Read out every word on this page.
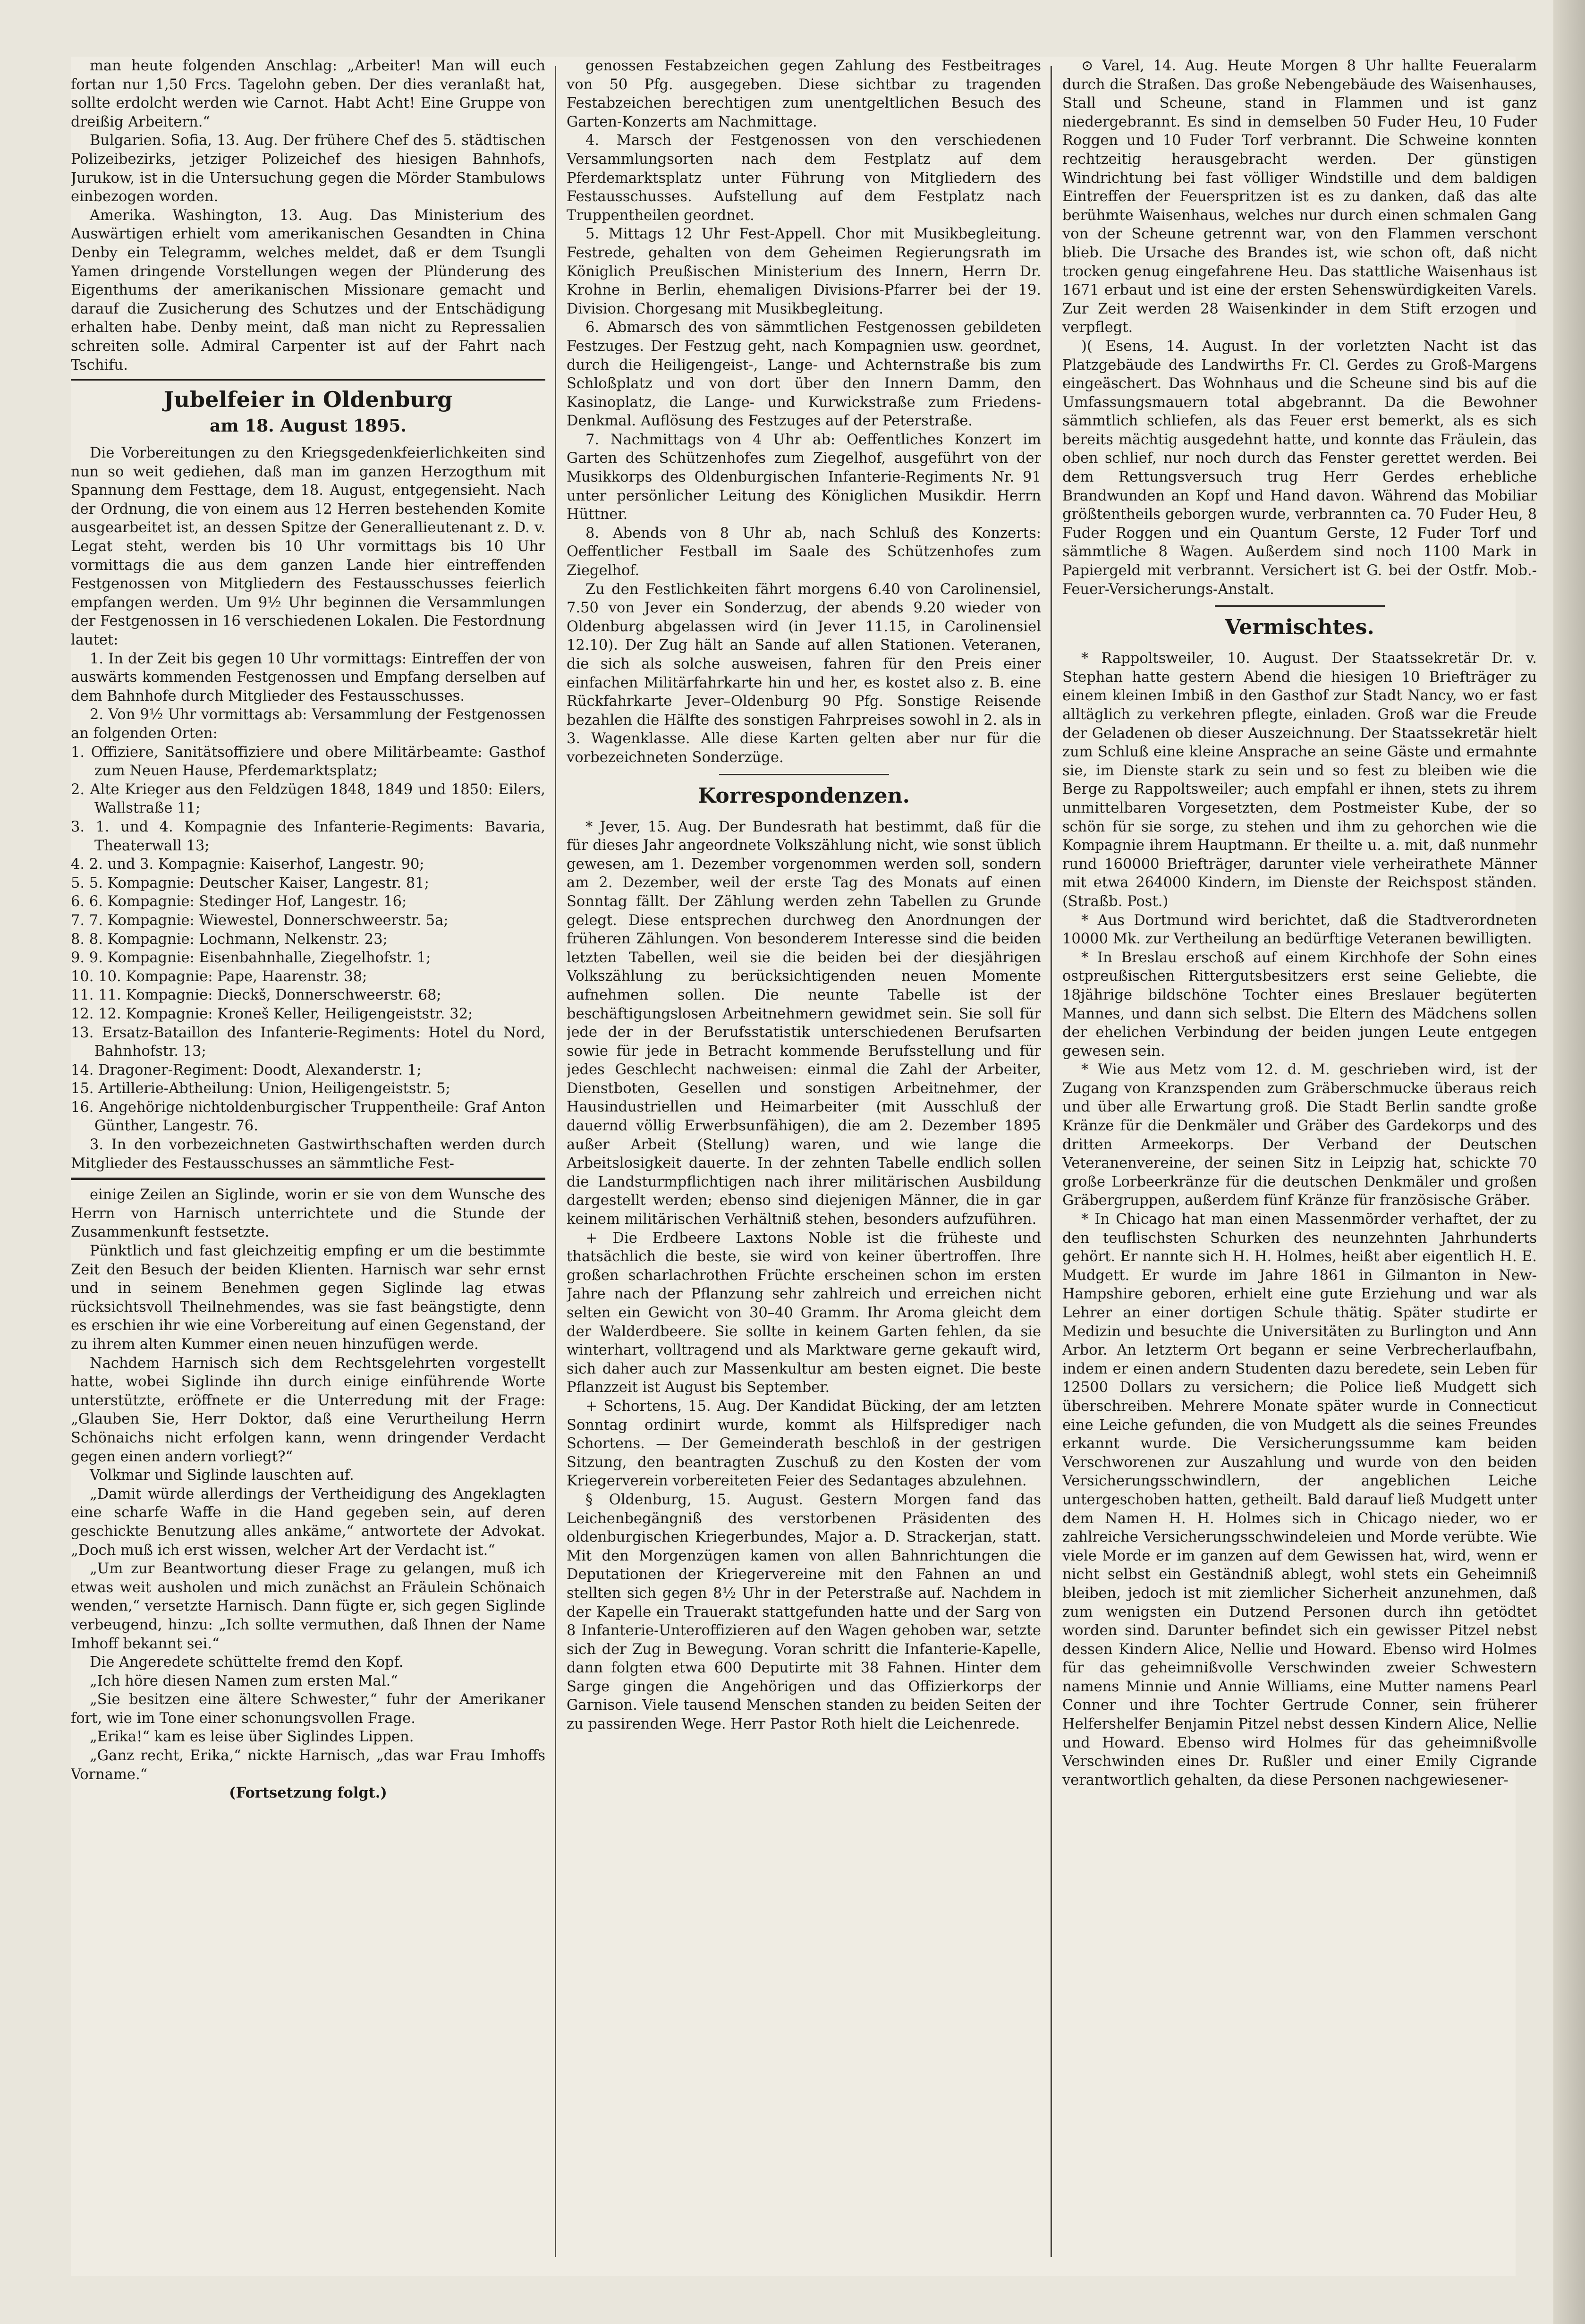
man heute folgenden Anschlag: „Arbeiter! Man will euch fortan nur 1,50 Frcs. Tagelohn geben. Der dies veranlaßt hat, sollte erdolcht werden wie Carnot. Habt Acht! Eine Gruppe von dreißig Arbeitern.“

Bulgarien. Sofia, 13. Aug. Der frühere Chef des 5. städtischen Polizeibezirks, jetziger Polizeichef des hiesigen Bahnhofs, Jurukow, ist in die Untersuchung gegen die Mörder Stambulows einbezogen worden.

Amerika. Washington, 13. Aug. Das Ministerium des Auswärtigen erhielt vom amerikanischen Gesandten in China Denby ein Telegramm, welches meldet, daß er dem Tsungli Yamen dringende Vorstellungen wegen der Plünderung des Eigenthums der amerikanischen Missionare gemacht und darauf die Zusicherung des Schutzes und der Entschädigung erhalten habe. Denby meint, daß man nicht zu Repressalien schreiten solle. Admiral Carpenter ist auf der Fahrt nach Tschifu.

Jubelfeier in Oldenburg
am 18. August 1895.

Die Vorbereitungen zu den Kriegsgedenkfeierlichkeiten sind nun so weit gediehen, daß man im ganzen Herzogthum mit Spannung dem Festtage, dem 18. August, entgegensieht. Nach der Ordnung, die von einem aus 12 Herren bestehenden Komite ausgearbeitet ist, an dessen Spitze der Generallieutenant z. D. v. Legat steht, werden bis 10 Uhr vormittags bis 10 Uhr vormittags die aus dem ganzen Lande hier eintreffenden Festgenossen von Mitgliedern des Festausschusses feierlich empfangen werden. Um 9½ Uhr beginnen die Versammlungen der Festgenossen in 16 verschiedenen Lokalen. Die Festordnung lautet:

1. In der Zeit bis gegen 10 Uhr vormittags: Eintreffen der von auswärts kommenden Festgenossen und Empfang derselben auf dem Bahnhofe durch Mitglieder des Festausschusses.

2. Von 9½ Uhr vormittags ab: Versammlung der Festgenossen an folgenden Orten:

1. Offiziere, Sanitätsoffiziere und obere Militärbeamte: Gasthof zum Neuen Hause, Pferdemarktsplatz;
2. Alte Krieger aus den Feldzügen 1848, 1849 und 1850: Eilers, Wallstraße 11;
3. 1. und 4. Kompagnie des Infanterie-Regiments: Bavaria, Theaterwall 13;
4. 2. und 3. Kompagnie: Kaiserhof, Langestr. 90;
5. 5. Kompagnie: Deutscher Kaiser, Langestr. 81;
6. 6. Kompagnie: Stedinger Hof, Langestr. 16;
7. 7. Kompagnie: Wiewestel, Donnerschweerstr. 5a;
8. 8. Kompagnie: Lochmann, Nelkenstr. 23;
9. 9. Kompagnie: Eisenbahnhalle, Ziegelhofstr. 1;
10. 10. Kompagnie: Pape, Haarenstr. 38;
11. 11. Kompagnie: Dieckš, Donnerschweerstr. 68;
12. 12. Kompagnie: Kroneš Keller, Heiligengeiststr. 32;
13. Ersatz-Bataillon des Infanterie-Regiments: Hotel du Nord, Bahnhofstr. 13;
14. Dragoner-Regiment: Doodt, Alexanderstr. 1;
15. Artillerie-Abtheilung: Union, Heiligengeiststr. 5;
16. Angehörige nichtoldenburgischer Truppentheile: Graf Anton Günther, Langestr. 76.

3. In den vorbezeichneten Gastwirthschaften werden durch Mitglieder des Festausschusses an sämmtliche Fest-

einige Zeilen an Siglinde, worin er sie von dem Wunsche des Herrn von Harnisch unterrichtete und die Stunde der Zusammenkunft festsetzte.

Pünktlich und fast gleichzeitig empfing er um die bestimmte Zeit den Besuch der beiden Klienten. Harnisch war sehr ernst und in seinem Benehmen gegen Siglinde lag etwas rücksichtsvoll Theilnehmendes, was sie fast beängstigte, denn es erschien ihr wie eine Vorbereitung auf einen Gegenstand, der zu ihrem alten Kummer einen neuen hinzufügen werde.

Nachdem Harnisch sich dem Rechtsgelehrten vorgestellt hatte, wobei Siglinde ihn durch einige einführende Worte unterstützte, eröffnete er die Unterredung mit der Frage: „Glauben Sie, Herr Doktor, daß eine Verurtheilung Herrn Schönaichs nicht erfolgen kann, wenn dringender Verdacht gegen einen andern vorliegt?“

Volkmar und Siglinde lauschten auf.

„Damit würde allerdings der Vertheidigung des Angeklagten eine scharfe Waffe in die Hand gegeben sein, auf deren geschickte Benutzung alles ankäme,“ antwortete der Advokat. „Doch muß ich erst wissen, welcher Art der Verdacht ist.“

„Um zur Beantwortung dieser Frage zu gelangen, muß ich etwas weit ausholen und mich zunächst an Fräulein Schönaich wenden,“ versetzte Harnisch. Dann fügte er, sich gegen Siglinde verbeugend, hinzu: „Ich sollte vermuthen, daß Ihnen der Name Imhoff bekannt sei.“

Die Angeredete schüttelte fremd den Kopf.

„Ich höre diesen Namen zum ersten Mal.“

„Sie besitzen eine ältere Schwester,“ fuhr der Amerikaner fort, wie im Tone einer schonungsvollen Frage.

„Erika!“ kam es leise über Siglindes Lippen.

„Ganz recht, Erika,“ nickte Harnisch, „das war Frau Imhoffs Vorname.“

(Fortsetzung folgt.)

genossen Festabzeichen gegen Zahlung des Festbeitrages von 50 Pfg. ausgegeben. Diese sichtbar zu tragenden Festabzeichen berechtigen zum unentgeltlichen Besuch des Garten-Konzerts am Nachmittage.

4. Marsch der Festgenossen von den verschiedenen Versammlungsorten nach dem Festplatz auf dem Pferdemarktsplatz unter Führung von Mitgliedern des Festausschusses. Aufstellung auf dem Festplatz nach Truppentheilen geordnet.

5. Mittags 12 Uhr Fest-Appell. Chor mit Musikbegleitung. Festrede, gehalten von dem Geheimen Regierungsrath im Königlich Preußischen Ministerium des Innern, Herrn Dr. Krohne in Berlin, ehemaligen Divisions-Pfarrer bei der 19. Division. Chorgesang mit Musikbegleitung.

6. Abmarsch des von sämmtlichen Festgenossen gebildeten Festzuges. Der Festzug geht, nach Kompagnien usw. geordnet, durch die Heiligengeist-, Lange- und Achternstraße bis zum Schloßplatz und von dort über den Innern Damm, den Kasinoplatz, die Lange- und Kurwickstraße zum Friedens-Denkmal. Auflösung des Festzuges auf der Peterstraße.

7. Nachmittags von 4 Uhr ab: Oeffentliches Konzert im Garten des Schützenhofes zum Ziegelhof, ausgeführt von der Musikkorps des Oldenburgischen Infanterie-Regiments Nr. 91 unter persönlicher Leitung des Königlichen Musikdir. Herrn Hüttner.

8. Abends von 8 Uhr ab, nach Schluß des Konzerts: Oeffentlicher Festball im Saale des Schützenhofes zum Ziegelhof.

Zu den Festlichkeiten fährt morgens 6.40 von Carolinensiel, 7.50 von Jever ein Sonderzug, der abends 9.20 wieder von Oldenburg abgelassen wird (in Jever 11.15, in Carolinensiel 12.10). Der Zug hält an Sande auf allen Stationen. Veteranen, die sich als solche ausweisen, fahren für den Preis einer einfachen Militärfahrkarte hin und her, es kostet also z. B. eine Rückfahrkarte Jever–Oldenburg 90 Pfg. Sonstige Reisende bezahlen die Hälfte des sonstigen Fahrpreises sowohl in 2. als in 3. Wagenklasse. Alle diese Karten gelten aber nur für die vorbezeichneten Sonderzüge.

Korrespondenzen.

* Jever, 15. Aug. Der Bundesrath hat bestimmt, daß für die für dieses Jahr angeordnete Volkszählung nicht, wie sonst üblich gewesen, am 1. Dezember vorgenommen werden soll, sondern am 2. Dezember, weil der erste Tag des Monats auf einen Sonntag fällt. Der Zählung werden zehn Tabellen zu Grunde gelegt. Diese entsprechen durchweg den Anordnungen der früheren Zählungen. Von besonderem Interesse sind die beiden letzten Tabellen, weil sie die beiden bei der diesjährigen Volkszählung zu berücksichtigenden neuen Momente aufnehmen sollen. Die neunte Tabelle ist der beschäftigungslosen Arbeitnehmern gewidmet sein. Sie soll für jede der in der Berufsstatistik unterschiedenen Berufsarten sowie für jede in Betracht kommende Berufsstellung und für jedes Geschlecht nachweisen: einmal die Zahl der Arbeiter, Dienstboten, Gesellen und sonstigen Arbeitnehmer, der Hausindustriellen und Heimarbeiter (mit Ausschluß der dauernd völlig Erwerbsunfähigen), die am 2. Dezember 1895 außer Arbeit (Stellung) waren, und wie lange die Arbeitslosigkeit dauerte. In der zehnten Tabelle endlich sollen die Landsturmpflichtigen nach ihrer militärischen Ausbildung dargestellt werden; ebenso sind diejenigen Männer, die in gar keinem militärischen Verhältniß stehen, besonders aufzuführen.

+ Die Erdbeere Laxtons Noble ist die früheste und thatsächlich die beste, sie wird von keiner übertroffen. Ihre großen scharlachrothen Früchte erscheinen schon im ersten Jahre nach der Pflanzung sehr zahlreich und erreichen nicht selten ein Gewicht von 30–40 Gramm. Ihr Aroma gleicht dem der Walderdbeere. Sie sollte in keinem Garten fehlen, da sie winterhart, volltragend und als Marktware gerne gekauft wird, sich daher auch zur Massenkultur am besten eignet. Die beste Pflanzzeit ist August bis September.

+ Schortens, 15. Aug. Der Kandidat Bücking, der am letzten Sonntag ordinirt wurde, kommt als Hilfsprediger nach Schortens. — Der Gemeinderath beschloß in der gestrigen Sitzung, den beantragten Zuschuß zu den Kosten der vom Kriegerverein vorbereiteten Feier des Sedantages abzulehnen.

§ Oldenburg, 15. August. Gestern Morgen fand das Leichenbegängniß des verstorbenen Präsidenten des oldenburgischen Kriegerbundes, Major a. D. Strackerjan, statt. Mit den Morgenzügen kamen von allen Bahnrichtungen die Deputationen der Kriegervereine mit den Fahnen an und stellten sich gegen 8½ Uhr in der Peterstraße auf. Nachdem in der Kapelle ein Trauerakt stattgefunden hatte und der Sarg von 8 Infanterie-Unteroffizieren auf den Wagen gehoben war, setzte sich der Zug in Bewegung. Voran schritt die Infanterie-Kapelle, dann folgten etwa 600 Deputirte mit 38 Fahnen. Hinter dem Sarge gingen die Angehörigen und das Offizierkorps der Garnison. Viele tausend Menschen standen zu beiden Seiten der zu passirenden Wege. Herr Pastor Roth hielt die Leichenrede.

⊙ Varel, 14. Aug. Heute Morgen 8 Uhr hallte Feueralarm durch die Straßen. Das große Nebengebäude des Waisenhauses, Stall und Scheune, stand in Flammen und ist ganz niedergebrannt. Es sind in demselben 50 Fuder Heu, 10 Fuder Roggen und 10 Fuder Torf verbrannt. Die Schweine konnten rechtzeitig herausgebracht werden. Der günstigen Windrichtung bei fast völliger Windstille und dem baldigen Eintreffen der Feuerspritzen ist es zu danken, daß das alte berühmte Waisenhaus, welches nur durch einen schmalen Gang von der Scheune getrennt war, von den Flammen verschont blieb. Die Ursache des Brandes ist, wie schon oft, daß nicht trocken genug eingefahrene Heu. Das stattliche Waisenhaus ist 1671 erbaut und ist eine der ersten Sehenswürdigkeiten Varels. Zur Zeit werden 28 Waisenkinder in dem Stift erzogen und verpflegt.

)( Esens, 14. August. In der vorletzten Nacht ist das Platzgebäude des Landwirths Fr. Cl. Gerdes zu Groß-Margens eingeäschert. Das Wohnhaus und die Scheune sind bis auf die Umfassungsmauern total abgebrannt. Da die Bewohner sämmtlich schliefen, als das Feuer erst bemerkt, als es sich bereits mächtig ausgedehnt hatte, und konnte das Fräulein, das oben schlief, nur noch durch das Fenster gerettet werden. Bei dem Rettungsversuch trug Herr Gerdes erhebliche Brandwunden an Kopf und Hand davon. Während das Mobiliar größtentheils geborgen wurde, verbrannten ca. 70 Fuder Heu, 8 Fuder Roggen und ein Quantum Gerste, 12 Fuder Torf und sämmtliche 8 Wagen. Außerdem sind noch 1100 Mark in Papiergeld mit verbrannt. Versichert ist G. bei der Ostfr. Mob.-Feuer-Versicherungs-Anstalt.

Vermischtes.

* Rappoltsweiler, 10. August. Der Staatssekretär Dr. v. Stephan hatte gestern Abend die hiesigen 10 Briefträger zu einem kleinen Imbiß in den Gasthof zur Stadt Nancy, wo er fast alltäglich zu verkehren pflegte, einladen. Groß war die Freude der Geladenen ob dieser Auszeichnung. Der Staatssekretär hielt zum Schluß eine kleine Ansprache an seine Gäste und ermahnte sie, im Dienste stark zu sein und so fest zu bleiben wie die Berge zu Rappoltsweiler; auch empfahl er ihnen, stets zu ihrem unmittelbaren Vorgesetzten, dem Postmeister Kube, der so schön für sie sorge, zu stehen und ihm zu gehorchen wie die Kompagnie ihrem Hauptmann. Er theilte u. a. mit, daß nunmehr rund 160000 Briefträger, darunter viele verheirathete Männer mit etwa 264000 Kindern, im Dienste der Reichspost ständen. (Straßb. Post.)

* Aus Dortmund wird berichtet, daß die Stadtverordneten 10000 Mk. zur Vertheilung an bedürftige Veteranen bewilligten.

* In Breslau erschoß auf einem Kirchhofe der Sohn eines ostpreußischen Rittergutsbesitzers erst seine Geliebte, die 18jährige bildschöne Tochter eines Breslauer begüterten Mannes, und dann sich selbst. Die Eltern des Mädchens sollen der ehelichen Verbindung der beiden jungen Leute entgegen gewesen sein.

* Wie aus Metz vom 12. d. M. geschrieben wird, ist der Zugang von Kranzspenden zum Gräberschmucke überaus reich und über alle Erwartung groß. Die Stadt Berlin sandte große Kränze für die Denkmäler und Gräber des Gardekorps und des dritten Armeekorps. Der Verband der Deutschen Veteranenvereine, der seinen Sitz in Leipzig hat, schickte 70 große Lorbeerkränze für die deutschen Denkmäler und großen Gräbergruppen, außerdem fünf Kränze für französische Gräber.

* In Chicago hat man einen Massenmörder verhaftet, der zu den teuflischsten Schurken des neunzehnten Jahrhunderts gehört. Er nannte sich H. H. Holmes, heißt aber eigentlich H. E. Mudgett. Er wurde im Jahre 1861 in Gilmanton in New-Hampshire geboren, erhielt eine gute Erziehung und war als Lehrer an einer dortigen Schule thätig. Später studirte er Medizin und besuchte die Universitäten zu Burlington und Ann Arbor. An letzterm Ort begann er seine Verbrecherlaufbahn, indem er einen andern Studenten dazu beredete, sein Leben für 12500 Dollars zu versichern; die Police ließ Mudgett sich überschreiben. Mehrere Monate später wurde in Connecticut eine Leiche gefunden, die von Mudgett als die seines Freundes erkannt wurde. Die Versicherungssumme kam beiden Verschworenen zur Auszahlung und wurde von den beiden Versicherungsschwindlern, der angeblichen Leiche untergeschoben hatten, getheilt. Bald darauf ließ Mudgett unter dem Namen H. H. Holmes sich in Chicago nieder, wo er zahlreiche Versicherungsschwindeleien und Morde verübte. Wie viele Morde er im ganzen auf dem Gewissen hat, wird, wenn er nicht selbst ein Geständniß ablegt, wohl stets ein Geheimniß bleiben, jedoch ist mit ziemlicher Sicherheit anzunehmen, daß zum wenigsten ein Dutzend Personen durch ihn getödtet worden sind. Darunter befindet sich ein gewisser Pitzel nebst dessen Kindern Alice, Nellie und Howard. Ebenso wird Holmes für das geheimnißvolle Verschwinden zweier Schwestern namens Minnie und Annie Williams, eine Mutter namens Pearl Conner und ihre Tochter Gertrude Conner, sein früherer Helfershelfer Benjamin Pitzel nebst dessen Kindern Alice, Nellie und Howard. Ebenso wird Holmes für das geheimnißvolle Verschwinden eines Dr. Rußler und einer Emily Cigrande verantwortlich gehalten, da diese Personen nachgewiesener-
